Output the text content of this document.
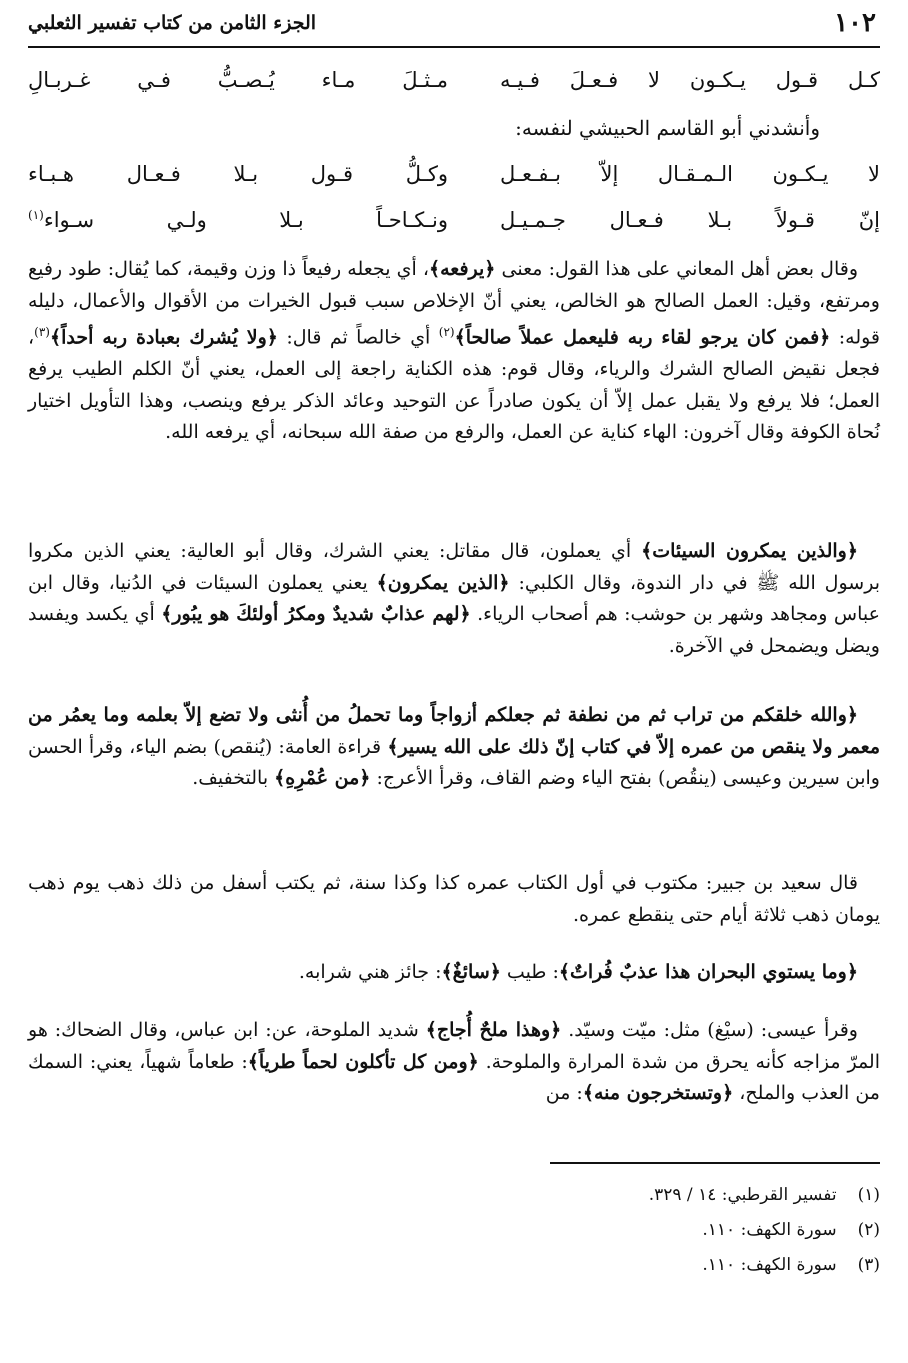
١٠٢
الجزء الثامن من كتاب تفسير الثعلبي
كـل قـول يـكـون لا فـعـلَ فـيـه
مـثـلَ مـاء يُـصـبُّ فـي غـربـالِ
وأنشدني أبو القاسم الحبيشي لنفسه:
لا يـكـون الـمـقـال إلاّ بـفـعـل
وكـلُّ قـول بـلا فـعـال هـبـاء
إنّ قـولاً بـلا فـعـال جـمـيـل
ونـكـاحـاً بـلا ولـي سـواء$^{(١)}$

وقال بعض أهل المعاني على هذا القول: معنى ﴿يرفعه﴾، أي يجعله رفيعاً ذا وزن وقيمة، كما يُقال: طود رفيع ومرتفع، وقيل: العمل الصالح هو الخالص، يعني أنّ الإخلاص سبب قبول الخيرات من الأقوال والأعمال، دليله قوله: ﴿فمن كان يرجو لقاء ربه فليعمل عملاً صالحاً﴾$^{(٢)}$ أي خالصاً ثم قال: ﴿ولا يُشرك بعبادة ربه أحداً﴾$^{(٣)}$، فجعل نقيض الصالح الشرك والرياء، وقال قوم: هذه الكناية راجعة إلى العمل، يعني أنّ الكلم الطيب يرفع العمل؛ فلا يرفع ولا يقبل عمل إلاّ أن يكون صادراً عن التوحيد وعائد الذكر يرفع وينصب، وهذا التأويل اختيار نُحاة الكوفة وقال آخرون: الهاء كناية عن العمل، والرفع من صفة الله سبحانه، أي يرفعه الله.

﴿والذين يمكرون السيئات﴾ أي يعملون، قال مقاتل: يعني الشرك، وقال أبو العالية: يعني الذين مكروا برسول الله ﷺ في دار الندوة، وقال الكلبي: ﴿الذين يمكرون﴾ يعني يعملون السيئات في الدُنيا، وقال ابن عباس ومجاهد وشهر بن حوشب: هم أصحاب الرياء. ﴿لهم عذابٌ شديدٌ ومكرُ أولئكَ هو يبُور﴾ أي يكسد ويفسد ويضل ويضمحل في الآخرة.

﴿والله خلقكم من تراب ثم من نطفة ثم جعلكم أزواجاً وما تحملُ من أُنثى ولا تضع إلاّ بعلمه وما يعمُر من معمر ولا ينقص من عمره إلاّ في كتاب إنّ ذلك على الله يسير﴾ قراءة العامة: (يُنقص) بضم الياء، وقرأ الحسن وابن سيرين وعيسى (ينقُص) بفتح الياء وضم القاف، وقرأ الأعرج: ﴿من عُمْرِهِ﴾ بالتخفيف.

قال سعيد بن جبير: مكتوب في أول الكتاب عمره كذا وكذا سنة، ثم يكتب أسفل من ذلك ذهب يوم ذهب يومان ذهب ثلاثة أيام حتى ينقطع عمره.

﴿وما يستوي البحران هذا عذبٌ فُراتٌ﴾: طيب ﴿سائغٌ﴾: جائز هني شرابه.

وقرأ عيسى: (سيْغ) مثل: ميّت وسيّد. ﴿وهذا ملحٌ أُجاج﴾ شديد الملوحة، عن: ابن عباس، وقال الضحاك: هو المرّ مزاجه كأنه يحرق من شدة المرارة والملوحة. ﴿ومن كل تأكلون لحماً طرياً﴾: طعاماً شهياً، يعني: السمك من العذب والملح، ﴿وتستخرجون منه﴾: من

(١) تفسير القرطبي: ١٤ / ٣٢٩.
(٢) سورة الكهف: ١١٠.
(٣) سورة الكهف: ١١٠.
